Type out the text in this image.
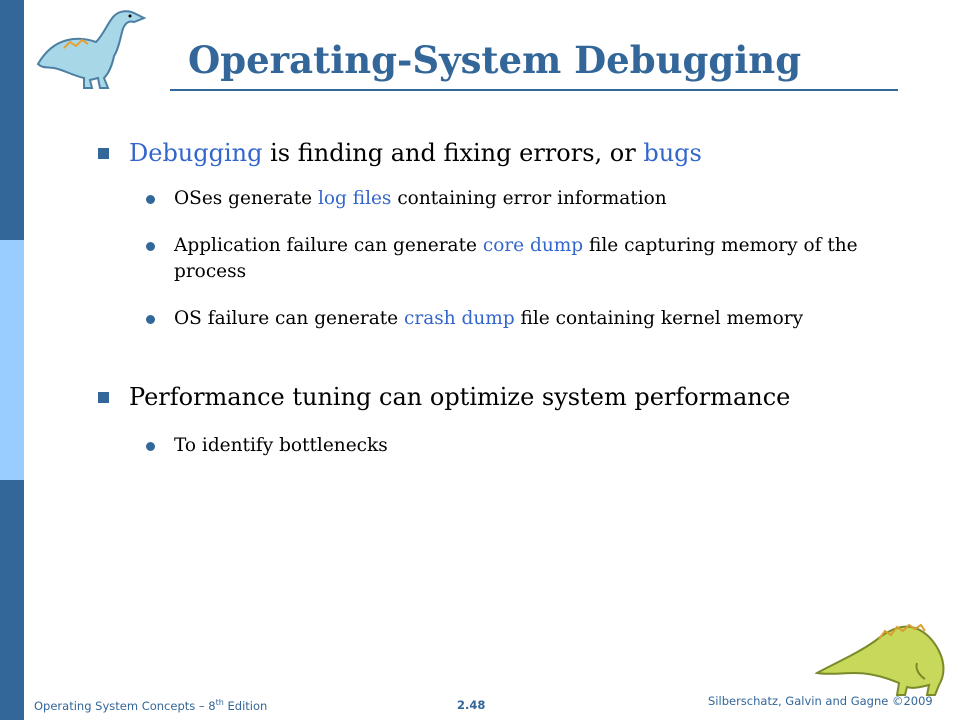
Operating-System Debugging
Debugging is finding and fixing errors, or bugs
OSes generate log files containing error information
Application failure can generate core dump file capturing memory of the process
OS failure can generate crash dump file containing kernel memory
Performance tuning can optimize system performance
To identify bottlenecks
Operating System Concepts – 8th Edition	2.48	Silberschatz, Galvin and Gagne ©2009
